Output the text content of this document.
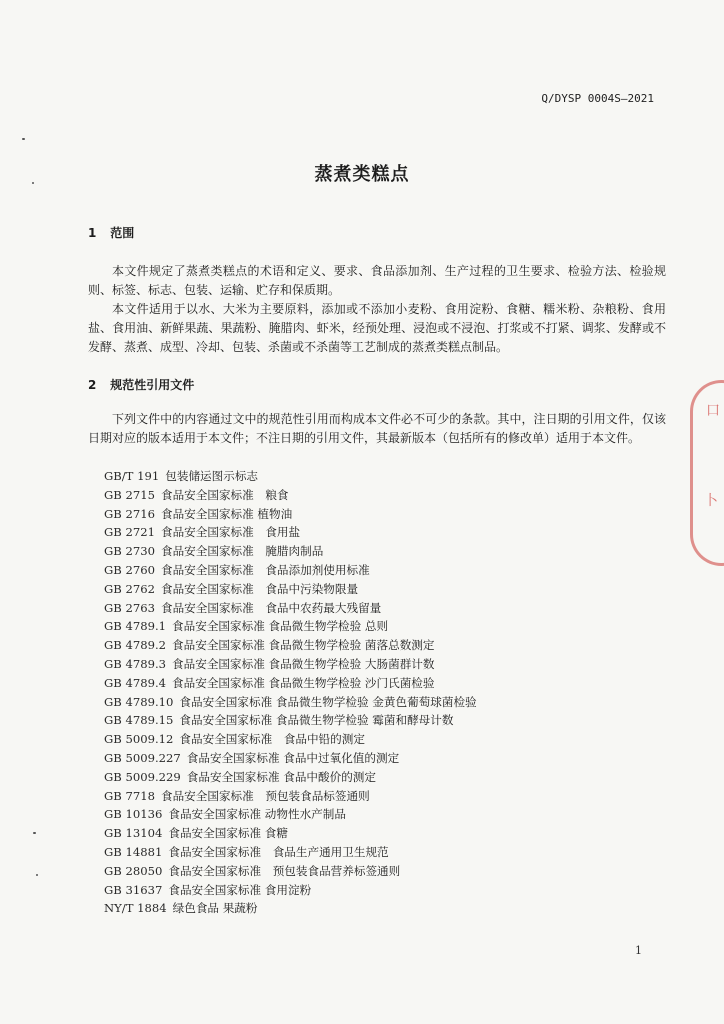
Q/DYSP 0004S—2021
蒸煮类糕点
1 范围
本文件规定了蒸煮类糕点的术语和定义、要求、食品添加剂、生产过程的卫生要求、检验方法、检验规则、标签、标志、包装、运输、贮存和保质期。
本文件适用于以水、大米为主要原料，添加或不添加小麦粉、食用淀粉、食糖、糯米粉、杂粮粉、食用盐、食用油、新鲜果蔬、果蔬粉、腌腊肉、虾米，经预处理、浸泡或不浸泡、打浆或不打紧、调浆、发酵或不发酵、蒸煮、成型、冷却、包装、杀菌或不杀菌等工艺制成的蒸煮类糕点制品。
2 规范性引用文件
下列文件中的内容通过文中的规范性引用而构成本文件必不可少的条款。其中，注日期的引用文件，仅该日期对应的版本适用于本文件；不注日期的引用文件，其最新版本（包括所有的修改单）适用于本文件。
GB/T 191 包装储运图示标志
GB 2715 食品安全国家标准　粮食
GB 2716 食品安全国家标准 植物油
GB 2721 食品安全国家标准　食用盐
GB 2730 食品安全国家标准　腌腊肉制品
GB 2760 食品安全国家标准　食品添加剂使用标准
GB 2762 食品安全国家标准　食品中污染物限量
GB 2763 食品安全国家标准　食品中农药最大残留量
GB 4789.1 食品安全国家标准 食品微生物学检验 总则
GB 4789.2 食品安全国家标准 食品微生物学检验 菌落总数测定
GB 4789.3 食品安全国家标准 食品微生物学检验 大肠菌群计数
GB 4789.4 食品安全国家标准 食品微生物学检验 沙门氏菌检验
GB 4789.10 食品安全国家标准 食品微生物学检验 金黄色葡萄球菌检验
GB 4789.15 食品安全国家标准 食品微生物学检验 霉菌和酵母计数
GB 5009.12 食品安全国家标准　食品中铅的测定
GB 5009.227 食品安全国家标准 食品中过氧化值的测定
GB 5009.229 食品安全国家标准 食品中酸价的测定
GB 7718 食品安全国家标准　预包装食品标签通则
GB 10136 食品安全国家标准 动物性水产制品
GB 13104 食品安全国家标准 食糖
GB 14881 食品安全国家标准　食品生产通用卫生规范
GB 28050 食品安全国家标准　预包装食品营养标签通则
GB 31637 食品安全国家标准 食用淀粉
NY/T 1884 绿色食品 果蔬粉
1
口
卜
